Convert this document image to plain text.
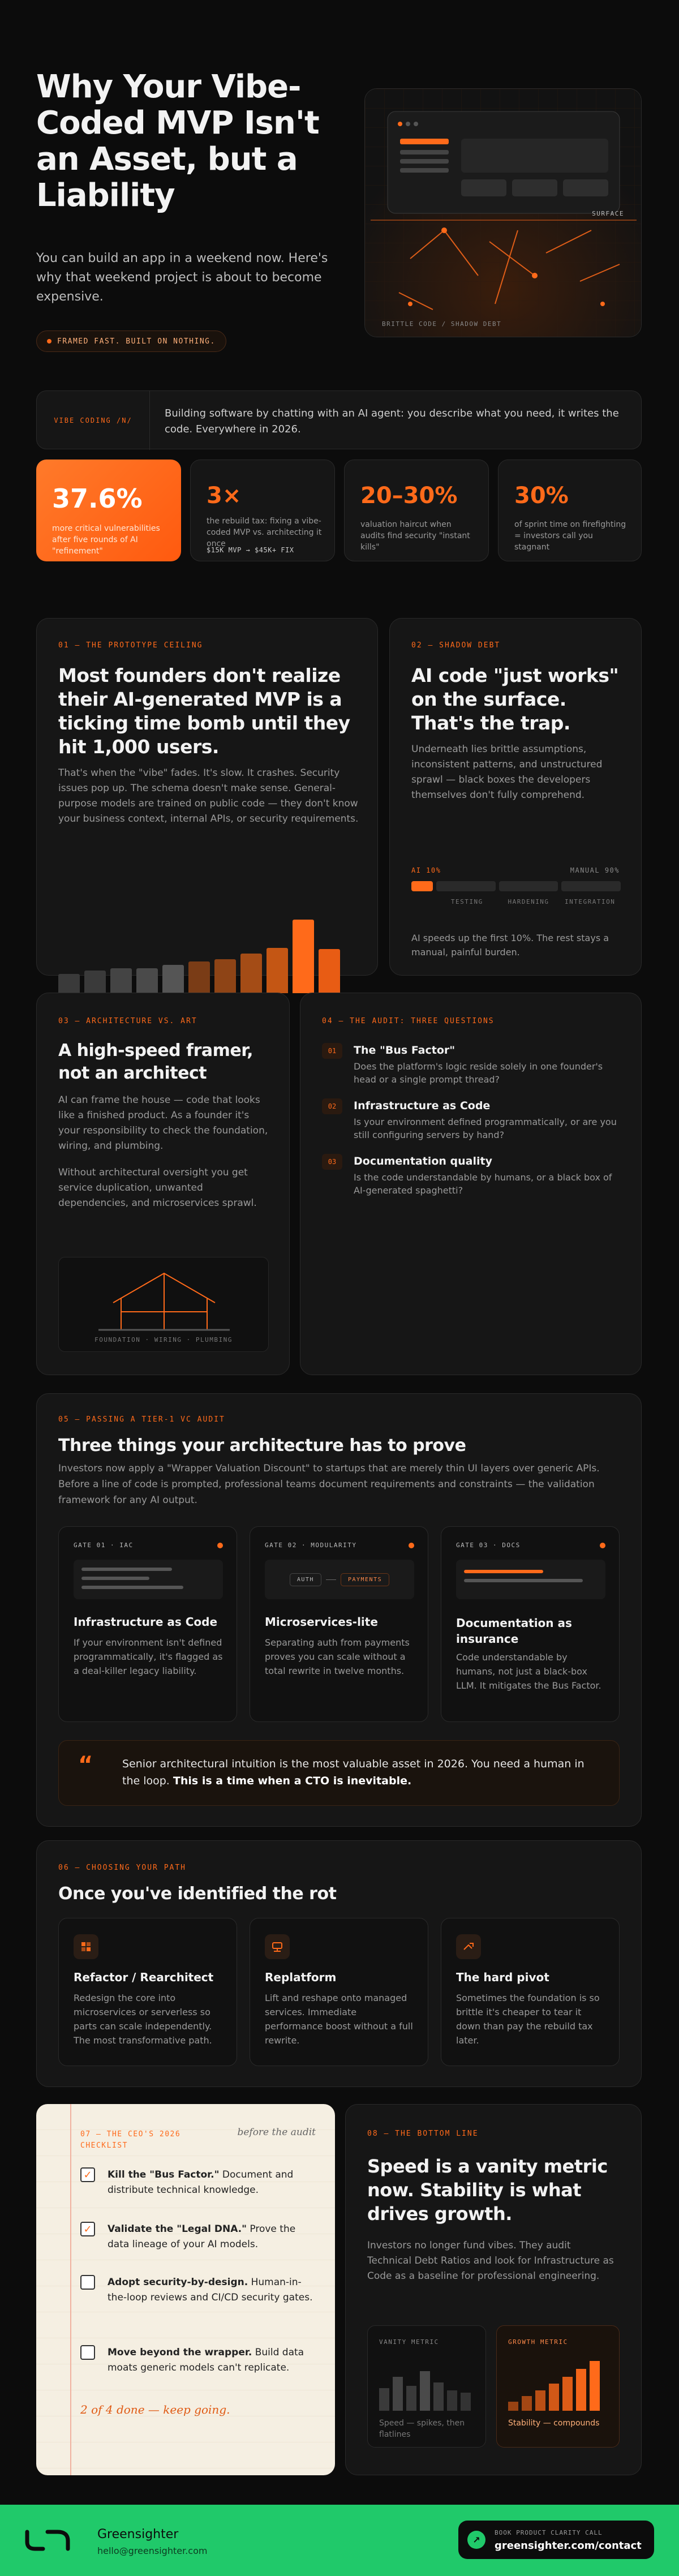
Why Your Vibe-Coded MVP Isn't an Asset, but a Liability

You can build an app in a weekend now. Here's why that weekend project is about to become expensive.

FRAMED FAST. BUILT ON NOTHING.
SURFACE
BRITTLE CODE / SHADOW DEBT
VIBE CODING /N/

Building software by chatting with an AI agent: you describe what you need, it writes the code. Everywhere in 2026.

37.6%
more critical vulnerabilities after five rounds of AI "refinement"
3×
the rebuild tax: fixing a vibe-coded MVP vs. architecting it once
$15K MVP → $45K+ FIX
20–30%
valuation haircut when audits find security "instant kills"
30%
of sprint time on firefighting = investors call you stagnant
01 — THE PROTOTYPE CEILING
Most founders don't realize their AI-generated MVP is a ticking time bomb until they hit 1,000 users.

That's when the "vibe" fades. It's slow. It crashes. Security issues pop up. The schema doesn't make sense. General-purpose models are trained on public code — they don't know your business context, internal APIs, or security requirements.

02 — SHADOW DEBT
AI code "just works" on the surface. That's the trap.

Underneath lies brittle assumptions, inconsistent patterns, and unstructured sprawl — black boxes the developers themselves don't fully comprehend.

AI 10%	MANUAL 90%
TESTING	HARDENING	INTEGRATION

AI speeds up the first 10%. The rest stays a manual, painful burden.

03 — ARCHITECTURE VS. ART
A high-speed framer, not an architect

AI can frame the house — code that looks like a finished product. As a founder it's your responsibility to check the foundation, wiring, and plumbing.

Without architectural oversight you get service duplication, unwanted dependencies, and microservices sprawl.

FOUNDATION · WIRING · PLUMBING
04 — THE AUDIT: THREE QUESTIONS
01	The "Bus Factor"
Does the platform's logic reside solely in one founder's head or a single prompt thread?
02	Infrastructure as Code
Is your environment defined programmatically, or are you still configuring servers by hand?
03	Documentation quality
Is the code understandable by humans, or a black box of AI-generated spaghetti?
05 — PASSING A TIER-1 VC AUDIT
Three things your architecture has to prove

Investors now apply a "Wrapper Valuation Discount" to startups that are merely thin UI layers over generic APIs. Before a line of code is prompted, professional teams document requirements and constraints — the validation framework for any AI output.

GATE 01 · IAC
Infrastructure as Code
If your environment isn't defined programmatically, it's flagged as a deal-killer legacy liability.
GATE 02 · MODULARITY
AUTH	PAYMENTS
Microservices-lite
Separating auth from payments proves you can scale without a total rewrite in twelve months.
GATE 03 · DOCS
Documentation as insurance
Code understandable by humans, not just a black-box LLM. It mitigates the Bus Factor.
“	Senior architectural intuition is the most valuable asset in 2026. You need a human in the loop. This is a time when a CTO is inevitable.

06 — CHOOSING YOUR PATH
Once you've identified the rot
Refactor / Rearchitect
Redesign the core into microservices or serverless so parts can scale independently. The most transformative path.
Replatform
Lift and reshape onto managed services. Immediate performance boost without a full rewrite.
The hard pivot
Sometimes the foundation is so brittle it's cheaper to tear it down than pay the rebuild tax later.
07 — THE CEO'S 2026 CHECKLIST
before the audit
✓ Kill the "Bus Factor." Document and distribute technical knowledge.

✓ Validate the "Legal DNA." Prove the data lineage of your AI models.

Adopt security-by-design. Human-in-the-loop reviews and CI/CD security gates.

Move beyond the wrapper. Build data moats generic models can't replicate.

2 of 4 done — keep going.
08 — THE BOTTOM LINE
Speed is a vanity metric now. Stability is what drives growth.

Investors no longer fund vibes. They audit Technical Debt Ratios and look for Infrastructure as Code as a baseline for professional engineering.

VANITY METRIC
Speed — spikes, then flatlines
GROWTH METRIC
Stability — compounds
Greensighter
hello@greensighter.com
↗
BOOK PRODUCT CLARITY CALL
greensighter.com/contact
